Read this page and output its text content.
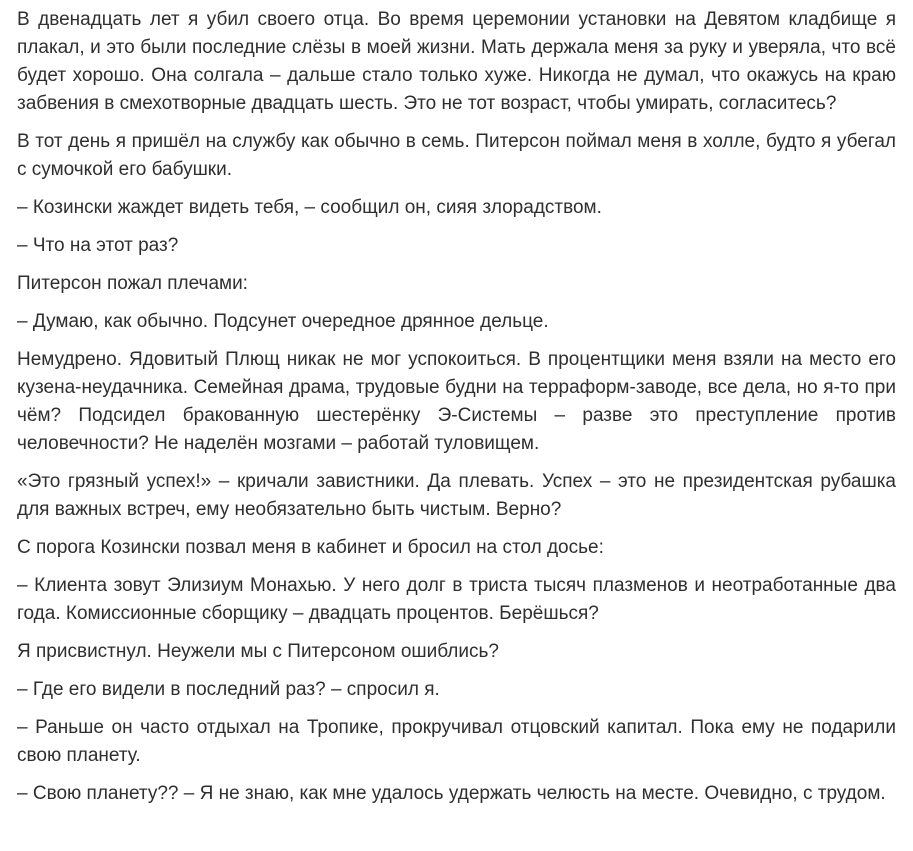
В двенадцать лет я убил своего отца. Во время церемонии установки на Девятом кладбище я плакал, и это были последние слёзы в моей жизни. Мать держала меня за руку и уверяла, что всё будет хорошо. Она солгала – дальше стало только хуже. Никогда не думал, что окажусь на краю забвения в смехотворные двадцать шесть. Это не тот возраст, чтобы умирать, согласитесь?

В тот день я пришёл на службу как обычно в семь. Питерсон поймал меня в холле, будто я убегал с сумочкой его бабушки.

– Козински жаждет видеть тебя, – сообщил он, сияя злорадством.

– Что на этот раз?

Питерсон пожал плечами:

– Думаю, как обычно. Подсунет очередное дрянное дельце.

Немудрено. Ядовитый Плющ никак не мог успокоиться. В процентщики меня взяли на место его кузена-неудачника. Семейная драма, трудовые будни на терраформ-заводе, все дела, но я-то при чём? Подсидел бракованную шестерёнку Э-Системы – разве это преступление против человечности? Не наделён мозгами – работай туловищем.

«Это грязный успех!» – кричали завистники. Да плевать. Успех – это не президентская рубашка для важных встреч, ему необязательно быть чистым. Верно?

С порога Козински позвал меня в кабинет и бросил на стол досье:

– Клиента зовут Элизиум Монахью. У него долг в триста тысяч плазменов и неотработанные два года. Комиссионные сборщику – двадцать процентов. Берёшься?

Я присвистнул. Неужели мы с Питерсоном ошиблись?

– Где его видели в последний раз? – спросил я.

– Раньше он часто отдыхал на Тропике, прокручивал отцовский капитал. Пока ему не подарили свою планету.

– Свою планету?? – Я не знаю, как мне удалось удержать челюсть на месте. Очевидно, с трудом.
